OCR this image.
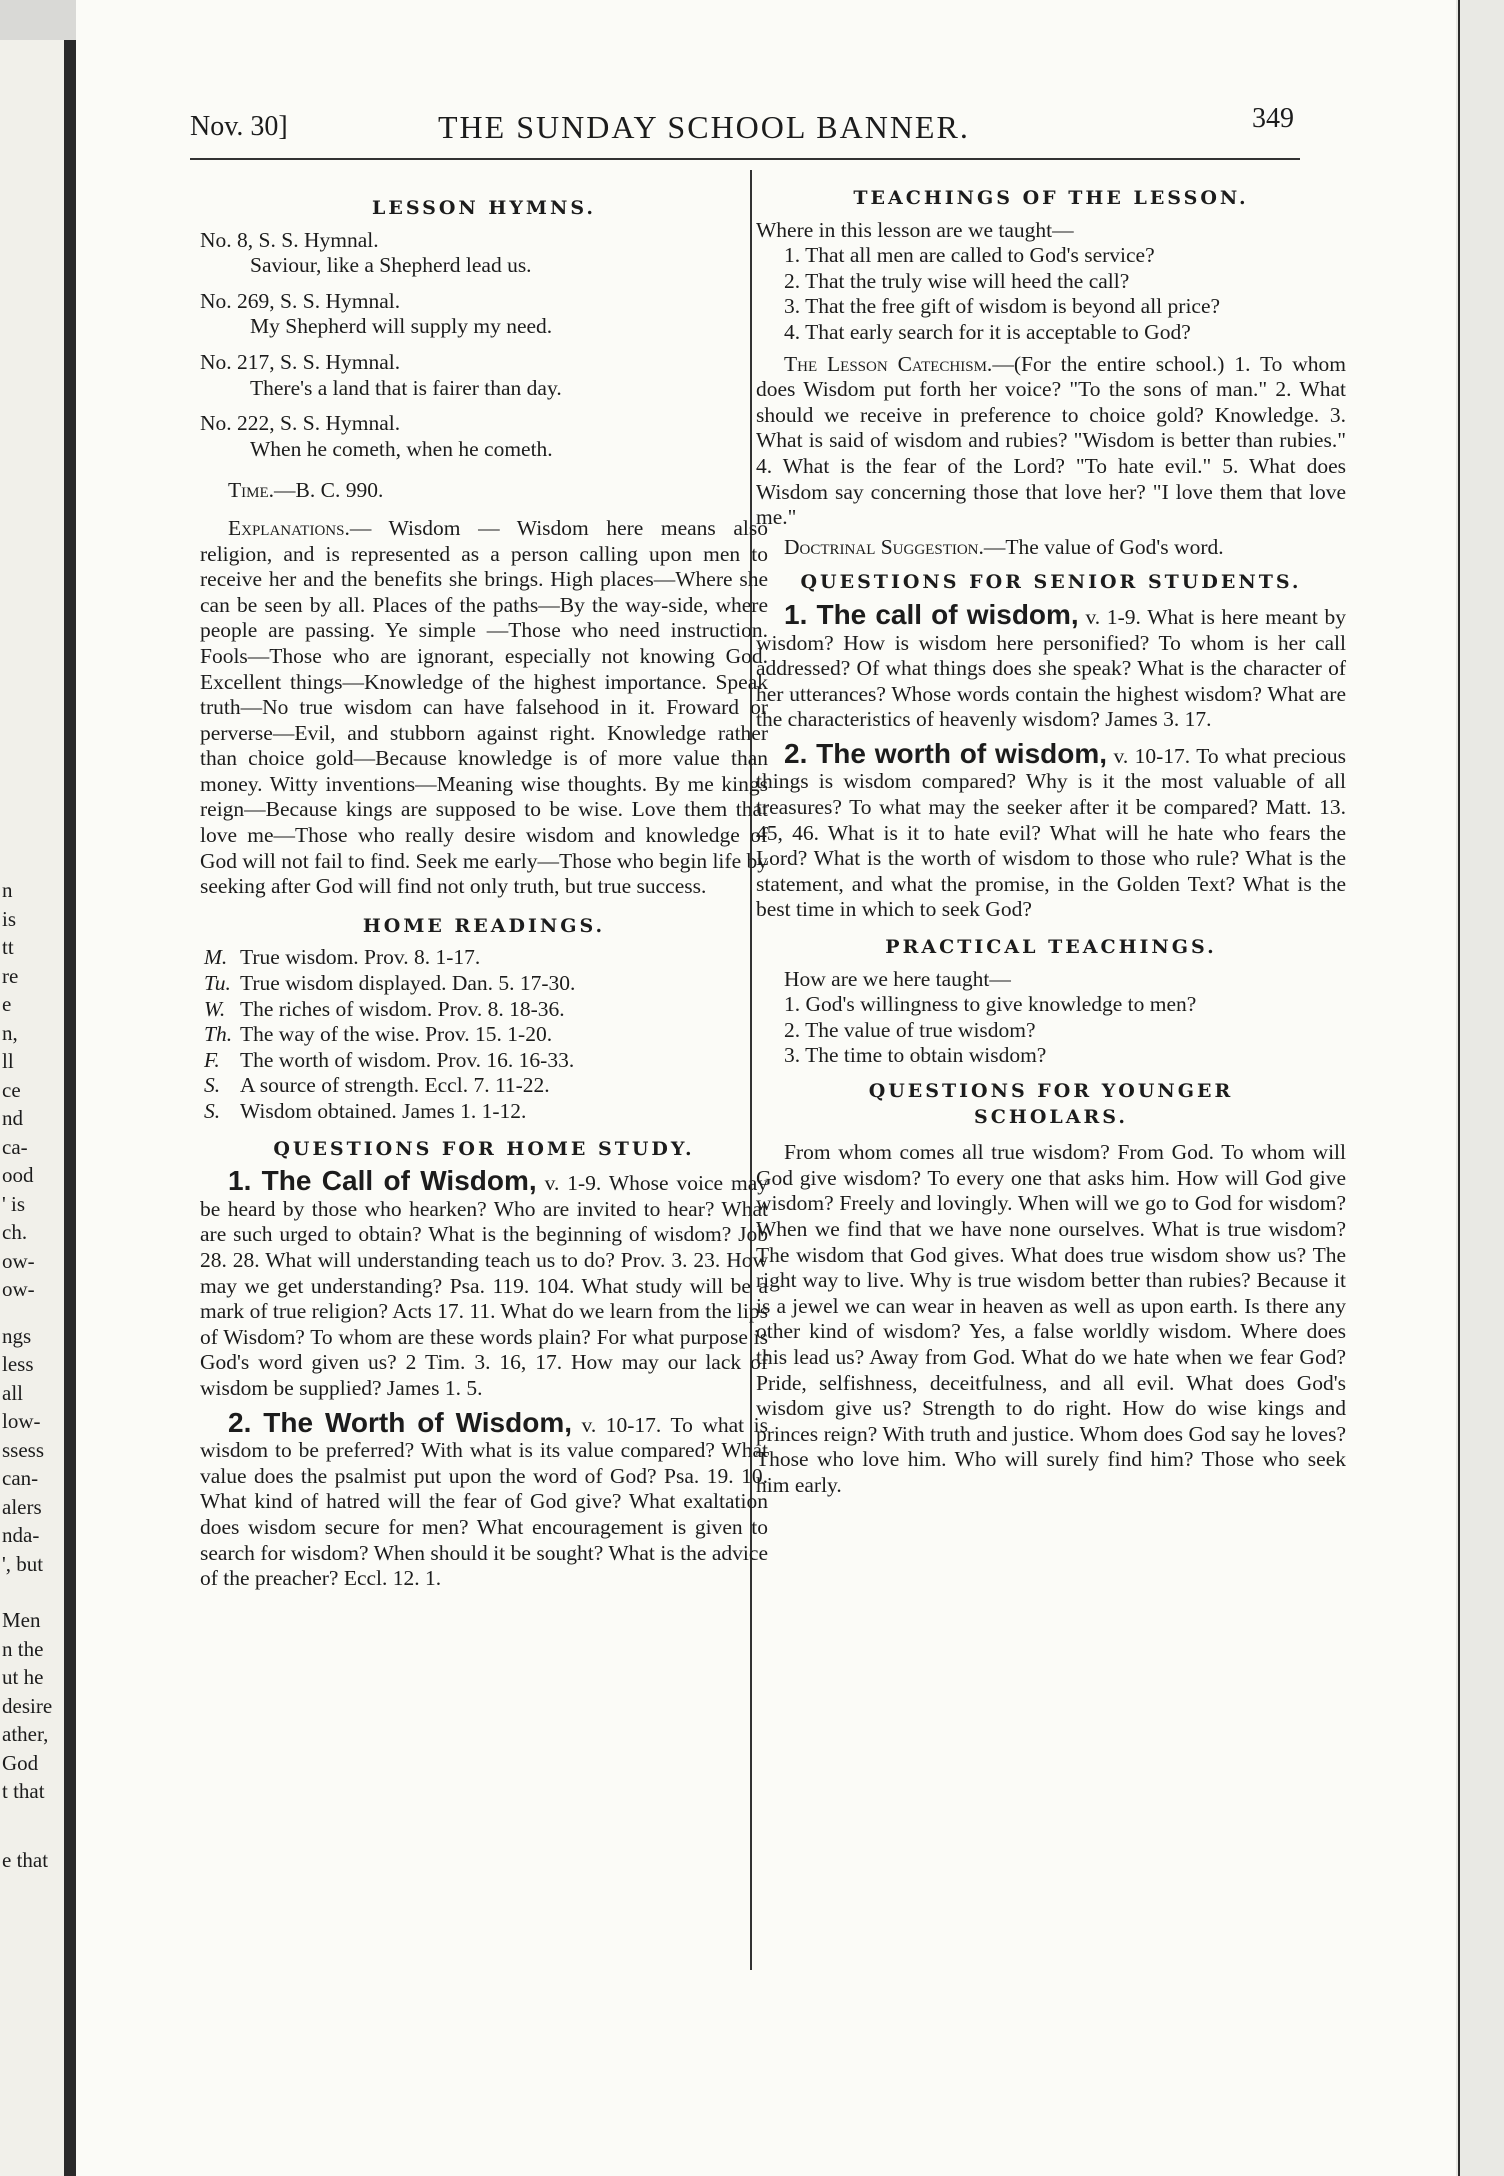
n
is
tt
re
e
n,
ll
ce
nd
ca-
ood
' is
ch.
ow-
ow-
ngs
less
all
low-
ssess
can-
alers
nda-
', but
Men
n the
ut he
desire
ather,
God
t that
e that
Nov. 30]	THE SUNDAY SCHOOL BANNER.	349
LESSON HYMNS.
No. 8, S. S. Hymnal.
Saviour, like a Shepherd lead us.
No. 269, S. S. Hymnal.
My Shepherd will supply my need.
No. 217, S. S. Hymnal.
There's a land that is fairer than day.
No. 222, S. S. Hymnal.
When he cometh, when he cometh.

Time.—B. C. 990.

Explanations.— Wisdom — Wisdom here means also religion, and is represented as a person calling upon men to receive her and the benefits she brings. High places—Where she can be seen by all. Places of the paths—By the way-side, where people are passing. Ye simple —Those who need instruction. Fools—Those who are ignorant, especially not knowing God. Excellent things—Knowledge of the highest importance. Speak truth—No true wisdom can have falsehood in it. Froward or perverse—Evil, and stubborn against right. Knowledge rather than choice gold—Because knowledge is of more value than money. Witty inventions—Meaning wise thoughts. By me kings reign—Because kings are supposed to be wise. Love them that love me—Those who really desire wisdom and knowledge of God will not fail to find. Seek me early—Those who begin life by seeking after God will find not only truth, but true success.

HOME READINGS.

M. True wisdom. Prov. 8. 1-17.

Tu. True wisdom displayed. Dan. 5. 17-30.

W. The riches of wisdom. Prov. 8. 18-36.

Th. The way of the wise. Prov. 15. 1-20.

F. The worth of wisdom. Prov. 16. 16-33.

S. A source of strength. Eccl. 7. 11-22.

S. Wisdom obtained. James 1. 1-12.

QUESTIONS FOR HOME STUDY.

1. The Call of Wisdom, v. 1-9. Whose voice may be heard by those who hearken? Who are invited to hear? What are such urged to obtain? What is the beginning of wisdom? Job 28. 28. What will understanding teach us to do? Prov. 3. 23. How may we get understanding? Psa. 119. 104. What study will be a mark of true religion? Acts 17. 11. What do we learn from the lips of Wisdom? To whom are these words plain? For what purpose is God's word given us? 2 Tim. 3. 16, 17. How may our lack of wisdom be supplied? James 1. 5.

2. The Worth of Wisdom, v. 10-17. To what is wisdom to be preferred? With what is its value compared? What value does the psalmist put upon the word of God? Psa. 19. 10. What kind of hatred will the fear of God give? What exaltation does wisdom secure for men? What encouragement is given to search for wisdom? When should it be sought? What is the advice of the preacher? Eccl. 12. 1.

TEACHINGS OF THE LESSON.

Where in this lesson are we taught—

1. That all men are called to God's service?

2. That the truly wise will heed the call?

3. That the free gift of wisdom is beyond all price?

4. That early search for it is acceptable to God?

The Lesson Catechism.—(For the entire school.) 1. To whom does Wisdom put forth her voice? "To the sons of man." 2. What should we receive in preference to choice gold? Knowledge. 3. What is said of wisdom and rubies? "Wisdom is better than rubies." 4. What is the fear of the Lord? "To hate evil." 5. What does Wisdom say concerning those that love her? "I love them that love me."

Doctrinal Suggestion.—The value of God's word.

QUESTIONS FOR SENIOR STUDENTS.

1. The call of wisdom, v. 1-9. What is here meant by wisdom? How is wisdom here personified? To whom is her call addressed? Of what things does she speak? What is the character of her utterances? Whose words contain the highest wisdom? What are the characteristics of heavenly wisdom? James 3. 17.

2. The worth of wisdom, v. 10-17. To what precious things is wisdom compared? Why is it the most valuable of all treasures? To what may the seeker after it be compared? Matt. 13. 45, 46. What is it to hate evil? What will he hate who fears the Lord? What is the worth of wisdom to those who rule? What is the statement, and what the promise, in the Golden Text? What is the best time in which to seek God?

PRACTICAL TEACHINGS.

How are we here taught—

1. God's willingness to give knowledge to men?

2. The value of true wisdom?

3. The time to obtain wisdom?

QUESTIONS FOR YOUNGER SCHOLARS.

From whom comes all true wisdom? From God. To whom will God give wisdom? To every one that asks him. How will God give wisdom? Freely and lovingly. When will we go to God for wisdom? When we find that we have none ourselves. What is true wisdom? The wisdom that God gives. What does true wisdom show us? The right way to live. Why is true wisdom better than rubies? Because it is a jewel we can wear in heaven as well as upon earth. Is there any other kind of wisdom? Yes, a false worldly wisdom. Where does this lead us? Away from God. What do we hate when we fear God? Pride, selfishness, deceitfulness, and all evil. What does God's wisdom give us? Strength to do right. How do wise kings and princes reign? With truth and justice. Whom does God say he loves? Those who love him. Who will surely find him? Those who seek him early.
